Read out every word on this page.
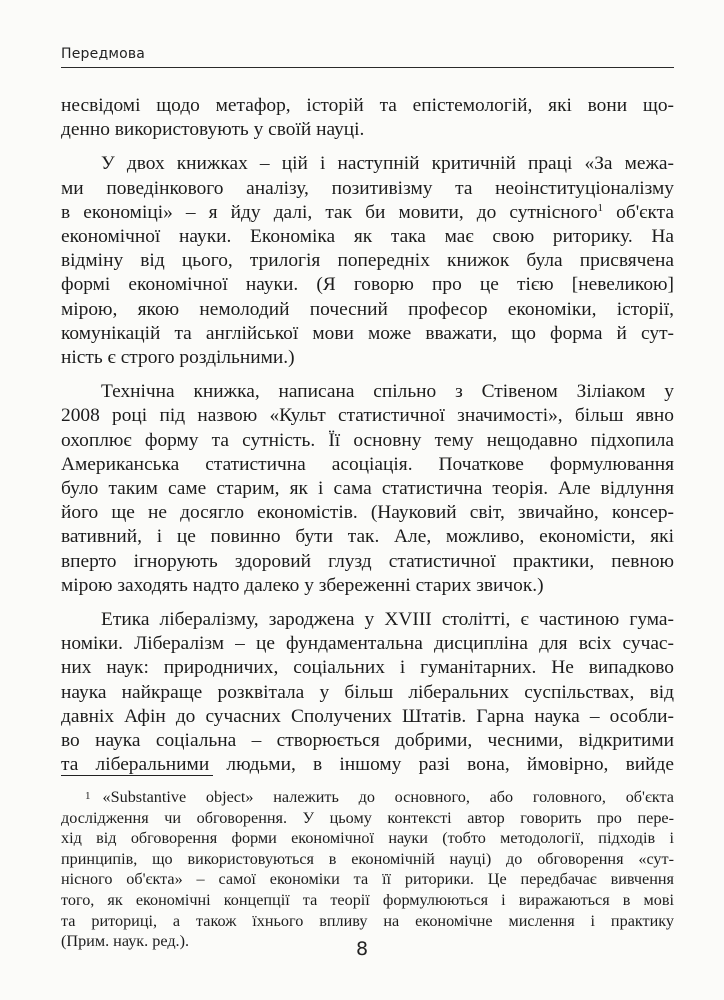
Передмова

несвідомі щодо метафор, історій та епістемологій, які вони що-
денно використовують у своїй науці.

У двох книжках – цій і наступній критичній праці «За межа-
ми поведінкового аналізу, позитивізму та неоінституціоналізму
в економіці» – я йду далі, так би мовити, до сутнісного$^1$ об'єкта
економічної науки. Економіка як така має свою риторику. На
відміну від цього, трилогія попередніх книжок була присвячена
формі економічної науки. (Я говорю про це тією [невеликою]
мірою, якою немолодий почесний професор економіки, історії,
комунікацій та англійської мови може вважати, що форма й сут-
ність є строго роздільними.)

Технічна книжка, написана спільно з Стівеном Зіліаком у
2008 році під назвою «Культ статистичної значимості», більш явно
охоплює форму та сутність. Її основну тему нещодавно підхопила
Американська статистична асоціація. Початкове формулювання
було таким саме старим, як і сама статистична теорія. Але відлуння
його ще не досягло економістів. (Науковий світ, звичайно, консер-
вативний, і це повинно бути так. Але, можливо, економісти, які
вперто ігнорують здоровий глузд статистичної практики, певною
мірою заходять надто далеко у збереженні старих звичок.)

Етика лібералізму, зароджена у XVIII столітті, є частиною гума-
номіки. Лібералізм – це фундаментальна дисципліна для всіх сучас-
них наук: природничих, соціальних і гуманітарних. Не випадково
наука найкраще розквітала у більш ліберальних суспільствах, від
давніх Афін до сучасних Сполучених Штатів. Гарна наука – особли-
во наука соціальна – створюється добрими, чесними, відкритими
та ліберальними людьми, в іншому разі вона, ймовірно, вийде

1 «Substantive object» належить до основного, або головного, об'єкта
дослідження чи обговорення. У цьому контексті автор говорить про пере-
хід від обговорення форми економічної науки (тобто методології, підходів і
принципів, що використовуються в економічній науці) до обговорення «сут-
нісного об'єкта» – самої економіки та її риторики. Це передбачає вивчення
того, як економічні концепції та теорії формулюються і виражаються в мові
та риториці, а також їхнього впливу на економічне мислення і практику
(Прим. наук. ред.).	8
